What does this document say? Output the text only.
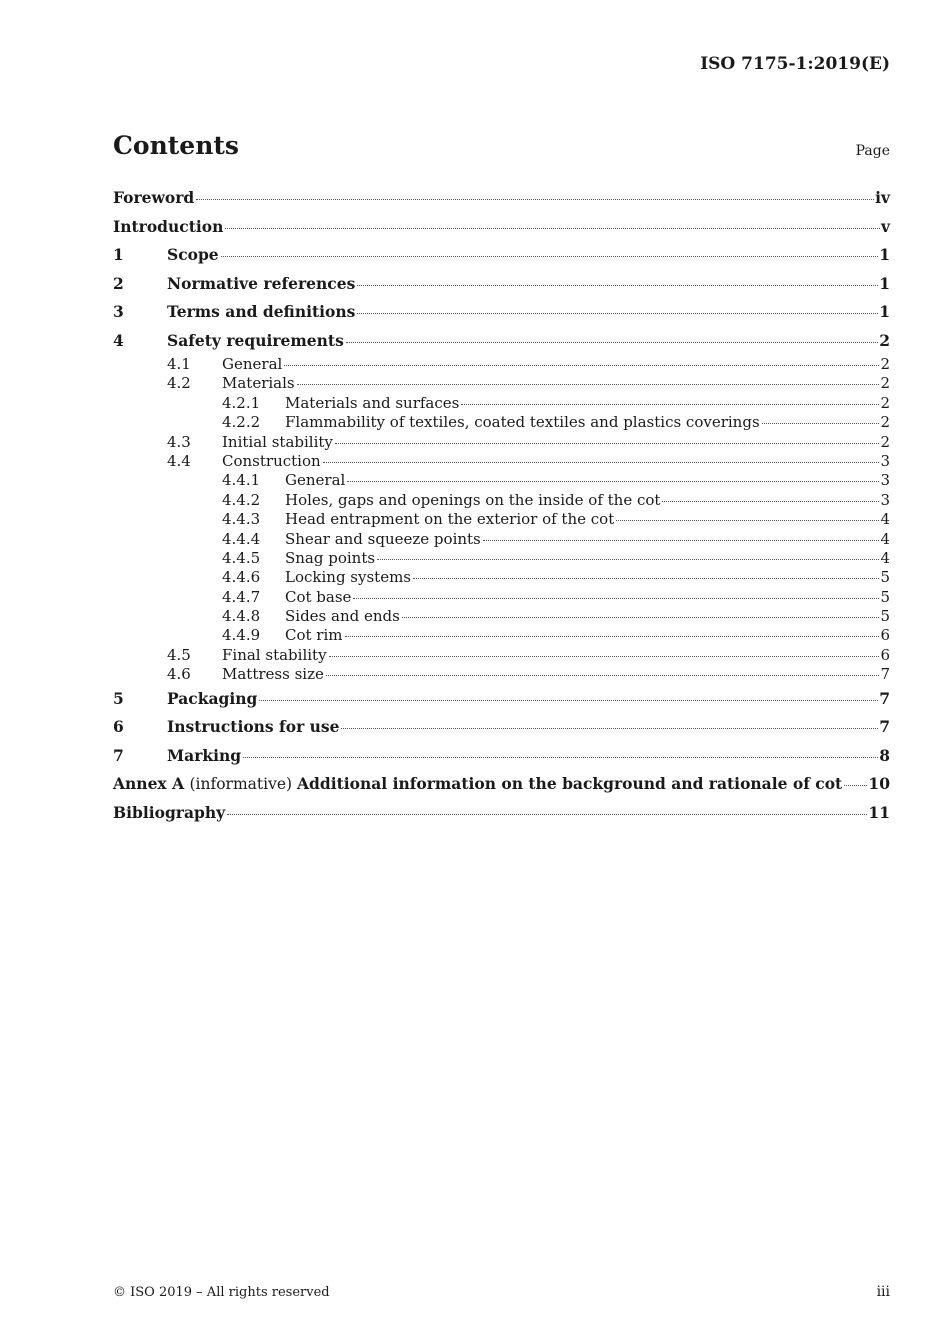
ISO 7175-1:2019(E)
Contents	Page
Foreword	iv
Introduction	v
1	Scope	1
2	Normative references	1
3	Terms and definitions	1
4	Safety requirements	2
4.1	General	2
4.2	Materials	2
4.2.1	Materials and surfaces	2
4.2.2	Flammability of textiles, coated textiles and plastics coverings	2
4.3	Initial stability	2
4.4	Construction	3
4.4.1	General	3
4.4.2	Holes, gaps and openings on the inside of the cot	3
4.4.3	Head entrapment on the exterior of the cot	4
4.4.4	Shear and squeeze points	4
4.4.5	Snag points	4
4.4.6	Locking systems	5
4.4.7	Cot base	5
4.4.8	Sides and ends	5
4.4.9	Cot rim	6
4.5	Final stability	6
4.6	Mattress size	7
5	Packaging	7
6	Instructions for use	7
7	Marking	8
Annex A (informative) Additional information on the background and rationale of cot 10
Bibliography	11
© ISO 2019 – All rights reserved	iii
